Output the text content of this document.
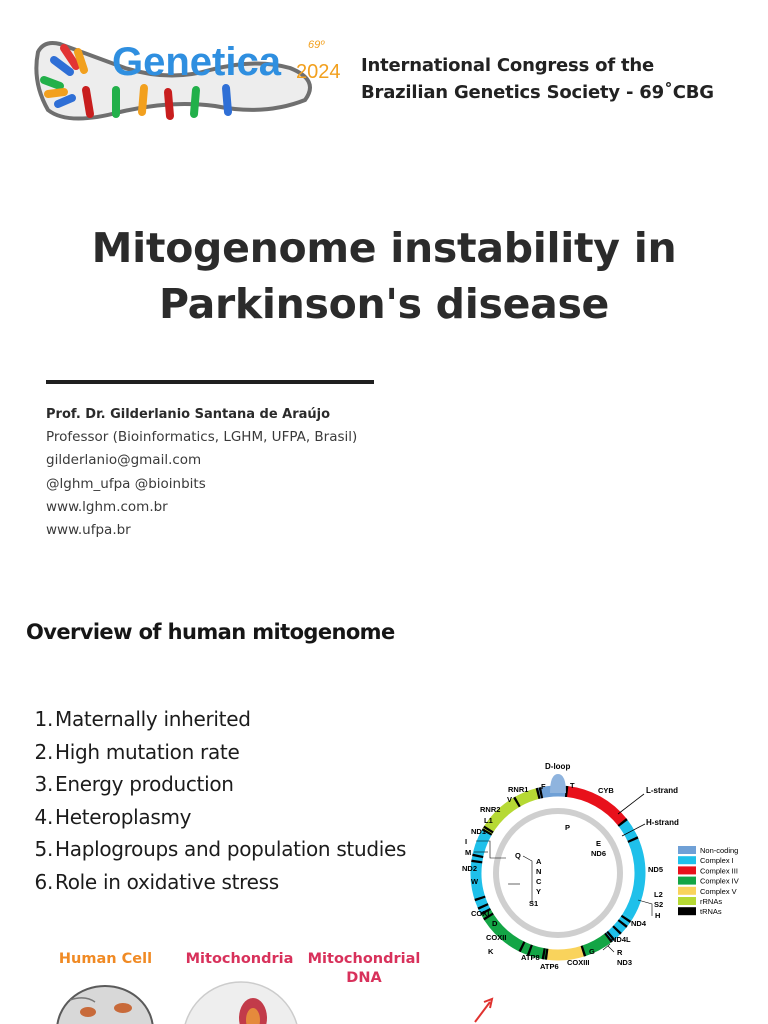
Genetica 69º
2024 International Congress of the
Brazilian Genetics Society - 69˚CBG
Mitogenome instability in
Parkinson's disease
Prof. Dr. Gilderlanio Santana de Araújo
Professor (Bioinformatics, LGHM, UFPA, Brasil)
gilderlanio@gmail.com
@lghm_ufpa @bioinbits
www.lghm.com.br
www.ufpa.br
Overview of human mitogenome
1. Maternally inherited
2. High mutation rate
3. Energy production
4. Heteroplasmy
5. Haplogroups and population studies
6. Role in oxidative stress
D-loop
L-strand
H-strand
RNR1
V
F	T
P
CYB
RNR2
L1
ND1
I
M
ND2
W
Q
A
N
C
Y
S1
COXI
D
COXII
K
ATP8
ATP6 COXIII
G	R
ND3
ND4L
ND4
H
S2
L2
ND5
E
ND6	Non-coding
Complex I
Complex III
Complex IV
Complex V
rRNAs
tRNAs
Human Cell	Mitochondria Mitochondrial
DNA
